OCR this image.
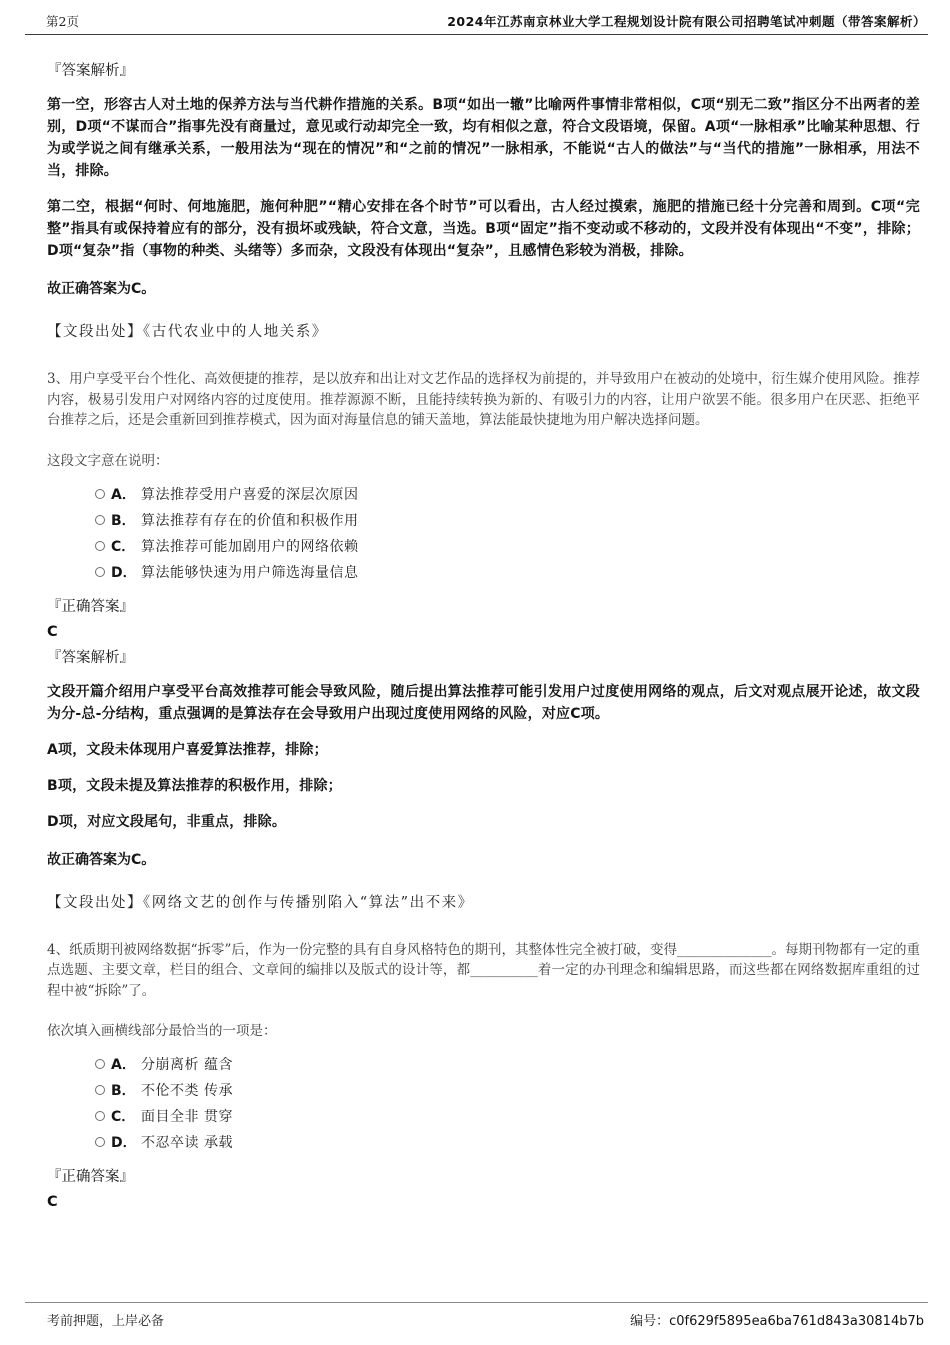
第2页	2024年江苏南京林业大学工程规划设计院有限公司招聘笔试冲刺题（带答案解析）

『答案解析』

第一空，形容古人对土地的保养方法与当代耕作措施的关系。B项“如出一辙”比喻两件事情非常相似，C项“别无二致”指区分不出两者的差别，D项“不谋而合”指事先没有商量过，意见或行动却完全一致，均有相似之意，符合文段语境，保留。A项“一脉相承”比喻某种思想、行为或学说之间有继承关系，一般用法为“现在的情况”和“之前的情况”一脉相承，不能说“古人的做法”与“当代的措施”一脉相承，用法不当，排除。

第二空，根据“何时、何地施肥，施何种肥”“精心安排在各个时节”可以看出，古人经过摸索，施肥的措施已经十分完善和周到。C项“完整”指具有或保持着应有的部分，没有损坏或残缺，符合文意，当选。B项“固定”指不变动或不移动的，文段并没有体现出“不变”，排除；D项“复杂”指（事物的种类、头绪等）多而杂，文段没有体现出“复杂”，且感情色彩较为消极，排除。

故正确答案为C。

【文段出处】《古代农业中的人地关系》

3、用户享受平台个性化、高效便捷的推荐，是以放弃和出让对文艺作品的选择权为前提的，并导致用户在被动的处境中，衍生媒介使用风险。推荐内容，极易引发用户对网络内容的过度使用。推荐源源不断，且能持续转换为新的、有吸引力的内容，让用户欲罢不能。很多用户在厌恶、拒绝平台推荐之后，还是会重新回到推荐模式，因为面对海量信息的铺天盖地，算法能最快捷地为用户解决选择问题。

这段文字意在说明：

A． 算法推荐受用户喜爱的深层次原因
B． 算法推荐有存在的价值和积极作用
C． 算法推荐可能加剧用户的网络依赖
D． 算法能够快速为用户筛选海量信息

『正确答案』

C

『答案解析』

文段开篇介绍用户享受平台高效推荐可能会导致风险，随后提出算法推荐可能引发用户过度使用网络的观点，后文对观点展开论述，故文段为分-总-分结构，重点强调的是算法存在会导致用户出现过度使用网络的风险，对应C项。

A项，文段未体现用户喜爱算法推荐，排除；

B项，文段未提及算法推荐的积极作用，排除；

D项，对应文段尾句，非重点，排除。

故正确答案为C。

【文段出处】《网络文艺的创作与传播别陷入“算法”出不来》

4、纸质期刊被网络数据“拆零”后，作为一份完整的具有自身风格特色的期刊，其整体性完全被打破，变得______________。每期刊物都有一定的重点选题、主要文章，栏目的组合、文章间的编排以及版式的设计等，都__________着一定的办刊理念和编辑思路，而这些都在网络数据库重组的过程中被“拆除”了。

依次填入画横线部分最恰当的一项是：

A． 分崩离析 蕴含
B． 不伦不类 传承
C． 面目全非 贯穿
D． 不忍卒读 承载

『正确答案』

C

考前押题，上岸必备	编号：c0f629f5895ea6ba761d843a30814b7b
